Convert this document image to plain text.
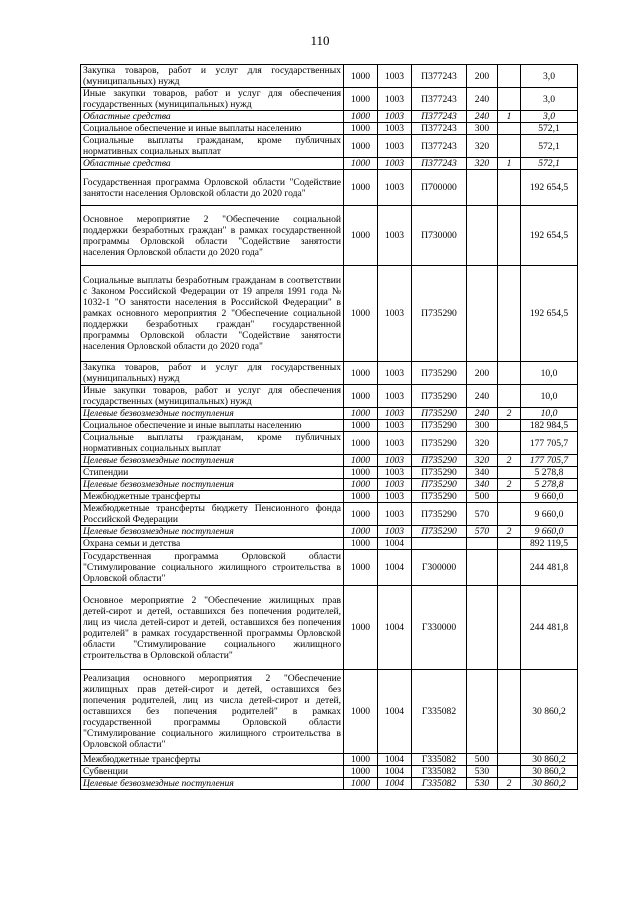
110
Закупка товаров, работ и услуг для государственных (муниципальных) нужд	1000	1003	П377243	200		3,0
Иные закупки товаров, работ и услуг для обеспечения государственных (муниципальных) нужд	1000	1003	П377243	240		3,0
Областные средства	1000	1003	П377243	240	1	3,0
Социальное обеспечение и иные выплаты населению	1000	1003	П377243	300		572,1
Социальные выплаты гражданам, кроме публичных нормативных социальных выплат	1000	1003	П377243	320		572,1
Областные средства	1000	1003	П377243	320	1	572,1
Государственная программа Орловской области "Содействие занятости населения Орловской области до 2020 года"	1000	1003	П700000			192 654,5
Основное мероприятие 2 "Обеспечение социальной поддержки безработных граждан" в рамках государственной программы Орловской области "Содействие занятости населения Орловской области до 2020 года"	1000	1003	П730000			192 654,5
Социальные выплаты безработным гражданам в соответствии с Законом Российской Федерации от 19 апреля 1991 года № 1032-1 "О занятости населения в Российской Федерации" в рамках основного мероприятия 2 "Обеспечение социальной поддержки безработных граждан" государственной программы Орловской области "Содействие занятости населения Орловской области до 2020 года"	1000	1003	П735290			192 654,5
Закупка товаров, работ и услуг для государственных (муниципальных) нужд	1000	1003	П735290	200		10,0
Иные закупки товаров, работ и услуг для обеспечения государственных (муниципальных) нужд	1000	1003	П735290	240		10,0
Целевые безвозмездные поступления	1000	1003	П735290	240	2	10,0
Социальное обеспечение и иные выплаты населению	1000	1003	П735290	300		182 984,5
Социальные выплаты гражданам, кроме публичных нормативных социальных выплат	1000	1003	П735290	320		177 705,7
Целевые безвозмездные поступления	1000	1003	П735290	320	2	177 705,7
Стипендии	1000	1003	П735290	340		5 278,8
Целевые безвозмездные поступления	1000	1003	П735290	340	2	5 278,8
Межбюджетные трансферты	1000	1003	П735290	500		9 660,0
Межбюджетные трансферты бюджету Пенсионного фонда Российской Федерации	1000	1003	П735290	570		9 660,0
Целевые безвозмездные поступления	1000	1003	П735290	570	2	9 660,0
Охрана семьи и детства	1000	1004				892 119,5
Государственная программа Орловской области "Стимулирование социального жилищного строительства в Орловской области"	1000	1004	Г300000			244 481,8
Основное мероприятие 2 "Обеспечение жилищных прав детей-сирот и детей, оставшихся без попечения родителей, лиц из числа детей-сирот и детей, оставшихся без попечения родителей" в рамках государственной программы Орловской области "Стимулирование социального жилищного строительства в Орловской области"	1000	1004	Г330000			244 481,8
Реализация основного мероприятия 2 "Обеспечение жилищных прав детей-сирот и детей, оставшихся без попечения родителей, лиц из числа детей-сирот и детей, оставшихся без попечения родителей" в рамках государственной программы Орловской области "Стимулирование социального жилищного строительства в Орловской области"	1000	1004	Г335082			30 860,2
Межбюджетные трансферты	1000	1004	Г335082	500		30 860,2
Субвенции	1000	1004	Г335082	530		30 860,2
Целевые безвозмездные поступления	1000	1004	Г335082	530	2	30 860,2
